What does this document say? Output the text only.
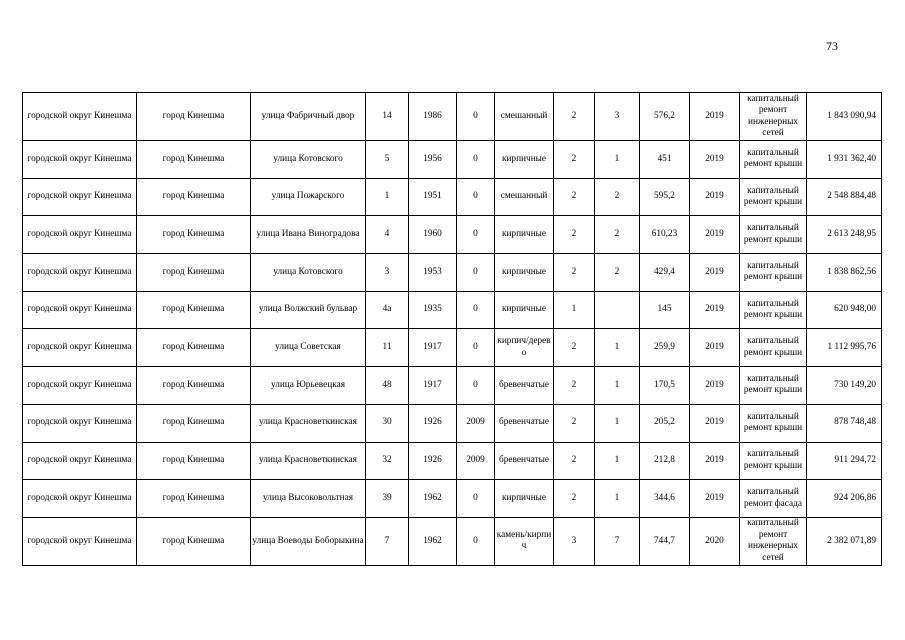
73
городской округ Кинешма	город Кинешма	улица Фабричный двор	14	1986	0	смешанный	2	3	576,2	2019	капитальный ремонт инженерных сетей	1 843 090,94
городской округ Кинешма	город Кинешма	улица Котовского	5	1956	0	кирпичные	2	1	451	2019	капитальный ремонт крыши	1 931 362,40
городской округ Кинешма	город Кинешма	улица Пожарского	1	1951	0	смешанный	2	2	595,2	2019	капитальный ремонт крыши	2 548 884,48
городской округ Кинешма	город Кинешма	улица Ивана Виноградова	4	1960	0	кирпичные	2	2	610,23	2019	капитальный ремонт крыши	2 613 248,95
городской округ Кинешма	город Кинешма	улица Котовского	3	1953	0	кирпичные	2	2	429,4	2019	капитальный ремонт крыши	1 838 862,56
городской округ Кинешма	город Кинешма	улица Волжский бульвар	4а	1935	0	кирпичные	1		145	2019	капитальный ремонт крыши	620 948,00
городской округ Кинешма	город Кинешма	улица Советская	11	1917	0	кирпич/дерево	2	1	259,9	2019	капитальный ремонт крыши	1 112 995,76
городской округ Кинешма	город Кинешма	улица Юрьевецкая	48	1917	0	бревенчатые	2	1	170,5	2019	капитальный ремонт крыши	730 149,20
городской округ Кинешма	город Кинешма	улица Красноветкинская	30	1926	2009	бревенчатые	2	1	205,2	2019	капитальный ремонт крыши	878 748,48
городской округ Кинешма	город Кинешма	улица Красноветкинская	32	1926	2009	бревенчатые	2	1	212,8	2019	капитальный ремонт крыши	911 294,72
городской округ Кинешма	город Кинешма	улица Высоковольтная	39	1962	0	кирпичные	2	1	344,6	2019	капитальный ремонт фасада	924 206,86
городской округ Кинешма	город Кинешма	улица Воеводы Боборыкина	7	1962	0	камень/кирпич	3	7	744,7	2020	капитальный ремонт инженерных сетей	2 382 071,89
